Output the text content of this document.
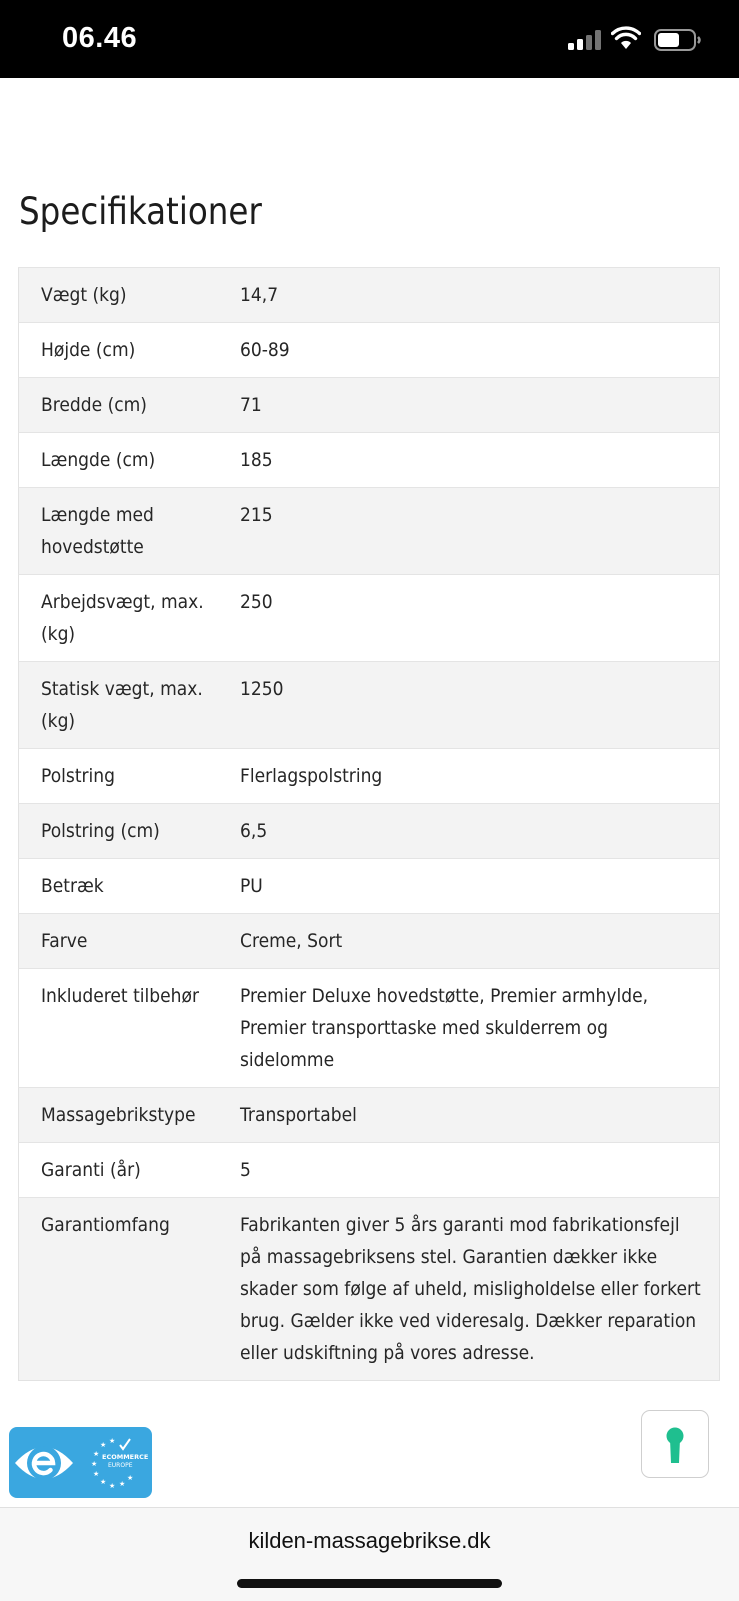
06.46
Specifikationer
Vægt (kg)	14,7
Højde (cm)	60-89
Bredde (cm)	71
Længde (cm)	185
Længde med hovedstøtte	215
Arbejdsvægt, max. (kg)	250
Statisk vægt, max. (kg)	1250
Polstring	Flerlagspolstring
Polstring (cm)	6,5
Betræk	PU
Farve	Creme, Sort
Inkluderet tilbehør	Premier Deluxe hovedstøtte, Premier armhylde, Premier transporttaske med skulderrem og sidelomme
Massagebrikstype	Transportabel
Garanti (år)	5
Garantiomfang	Fabrikanten giver 5 års garanti mod fabrikationsfejl på massagebriksens stel. Garantien dækker ikke skader som følge af uheld, misligholdelse eller forkert brug. Gælder ikke ved videresalg. Dækker reparation eller udskiftning på vores adresse.
★ ★
★
★
★
★ ★ ★
★
ECOMMERCE
EUROPE
kilden-massagebrikse.dk
